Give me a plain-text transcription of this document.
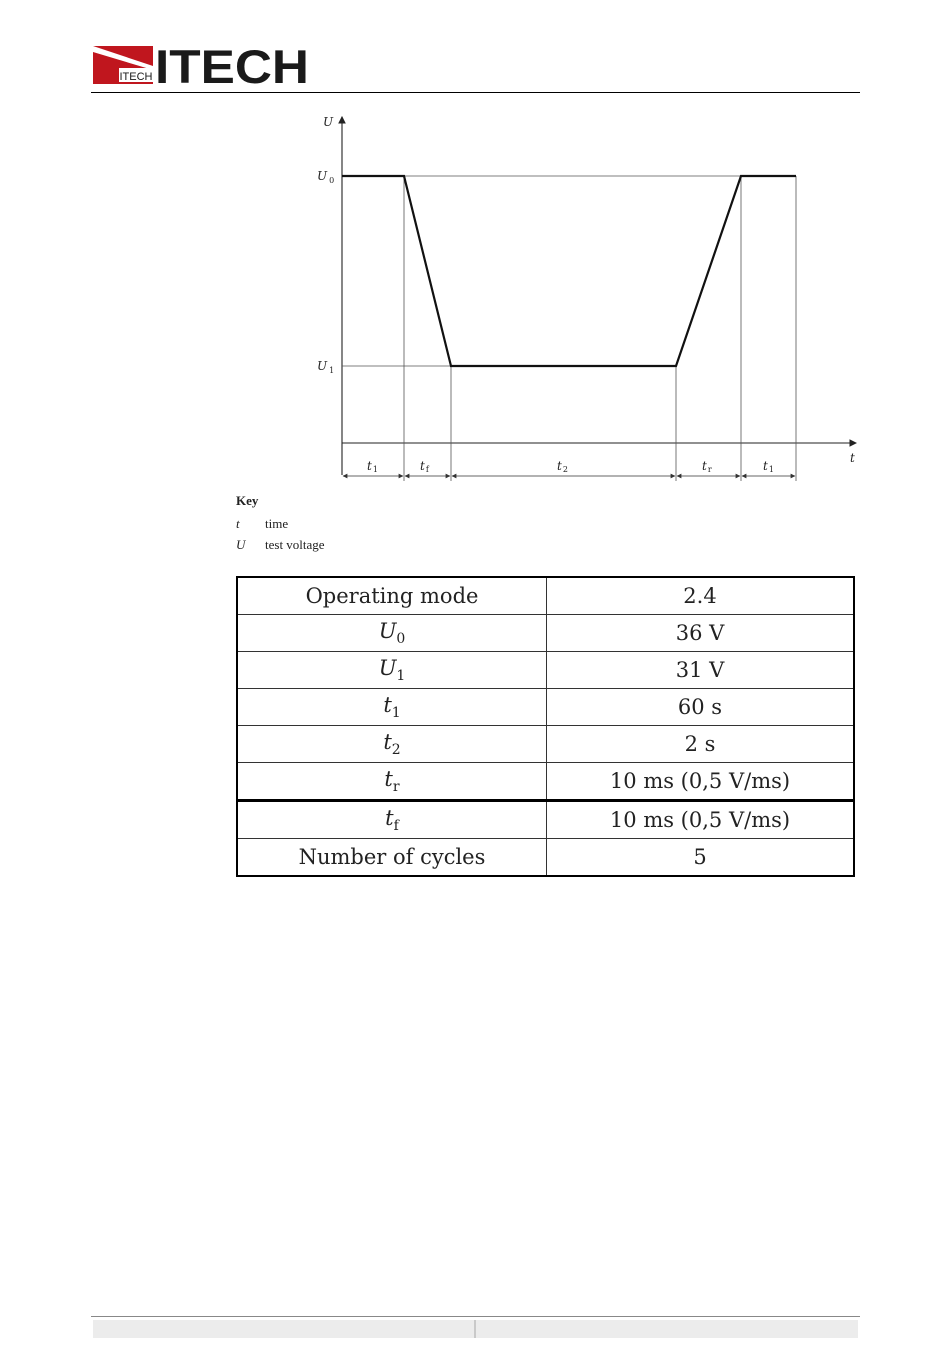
ITECH ITECH
U
t
U $_0$
U $_1$
t1	tf	t2	tr	t1
Key
t time
U test voltage
Operating mode	2.4
$U_0$	36 V
$U_1$	31 V
$t_1$	60 s
$t_2$	2 s
$t_r$	10 ms (0,5 V/ms)
$t_f$	10 ms (0,5 V/ms)
Number of cycles	5
